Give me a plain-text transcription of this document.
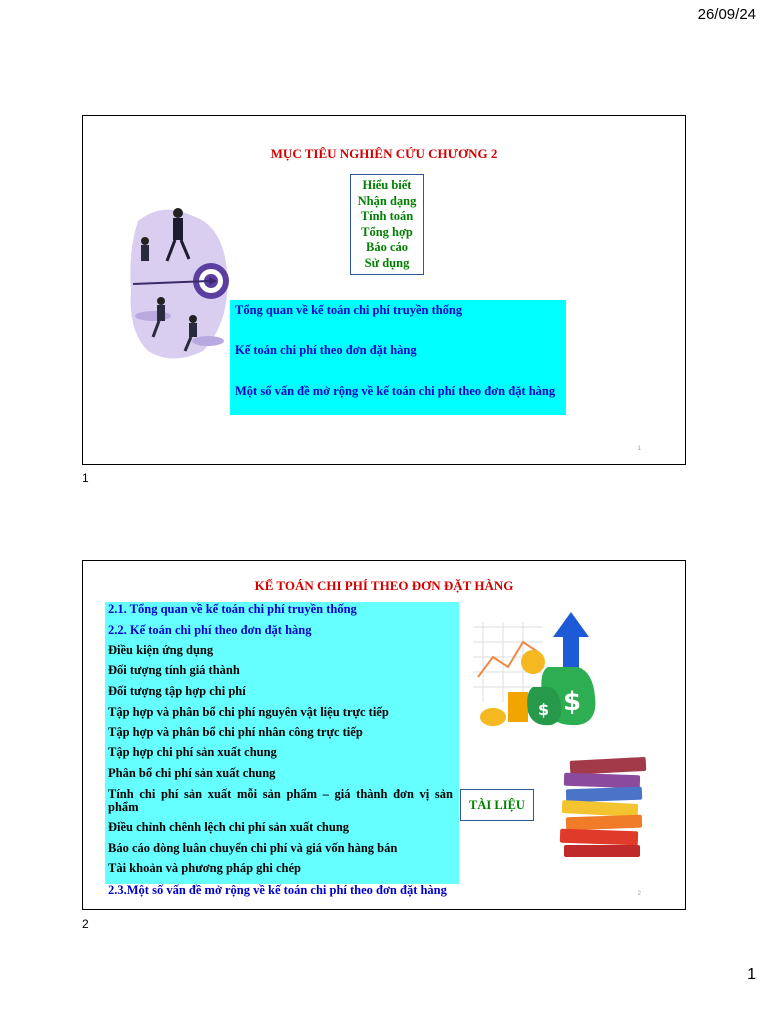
26/09/24
MỤC TIÊU NGHIÊN CỨU CHƯƠNG 2
Hiểu biết
Nhận dạng
Tính toán
Tổng hợp
Báo cáo
Sử dụng
Tổng quan về kế toán chi phí truyền thống
Kế toán chi phí theo đơn đặt hàng
Một số vấn đề mở rộng về kế toán chi phí theo đơn đặt hàng
1
1
KẾ TOÁN CHI PHÍ THEO ĐƠN ĐẶT HÀNG
2.1. Tổng quan về kế toán chi phí truyền thống
2.2. Kế toán chi phí theo đơn đặt hàng
Điều kiện ứng dụng
Đối tượng tính giá thành
Đối tượng tập hợp chi phí
Tập hợp và phân bổ chi phí nguyên vật liệu trực tiếp
Tập hợp và phân bổ chi phí nhân công trực tiếp
Tập hợp chi phí sản xuất chung
Phân bổ chi phí sản xuất chung
Tính chi phí sản xuất mỗi sản phẩm – giá thành đơn vị sản phẩm
Điều chỉnh chênh lệch chi phí sản xuất chung
Báo cáo dòng luân chuyển chi phí và giá vốn hàng bán
Tài khoản và phương pháp ghi chép
2.3.Một số vấn đề mở rộng về kế toán chi phí theo đơn đặt hàng
$
$
TÀI LIỆU
2
2
1
